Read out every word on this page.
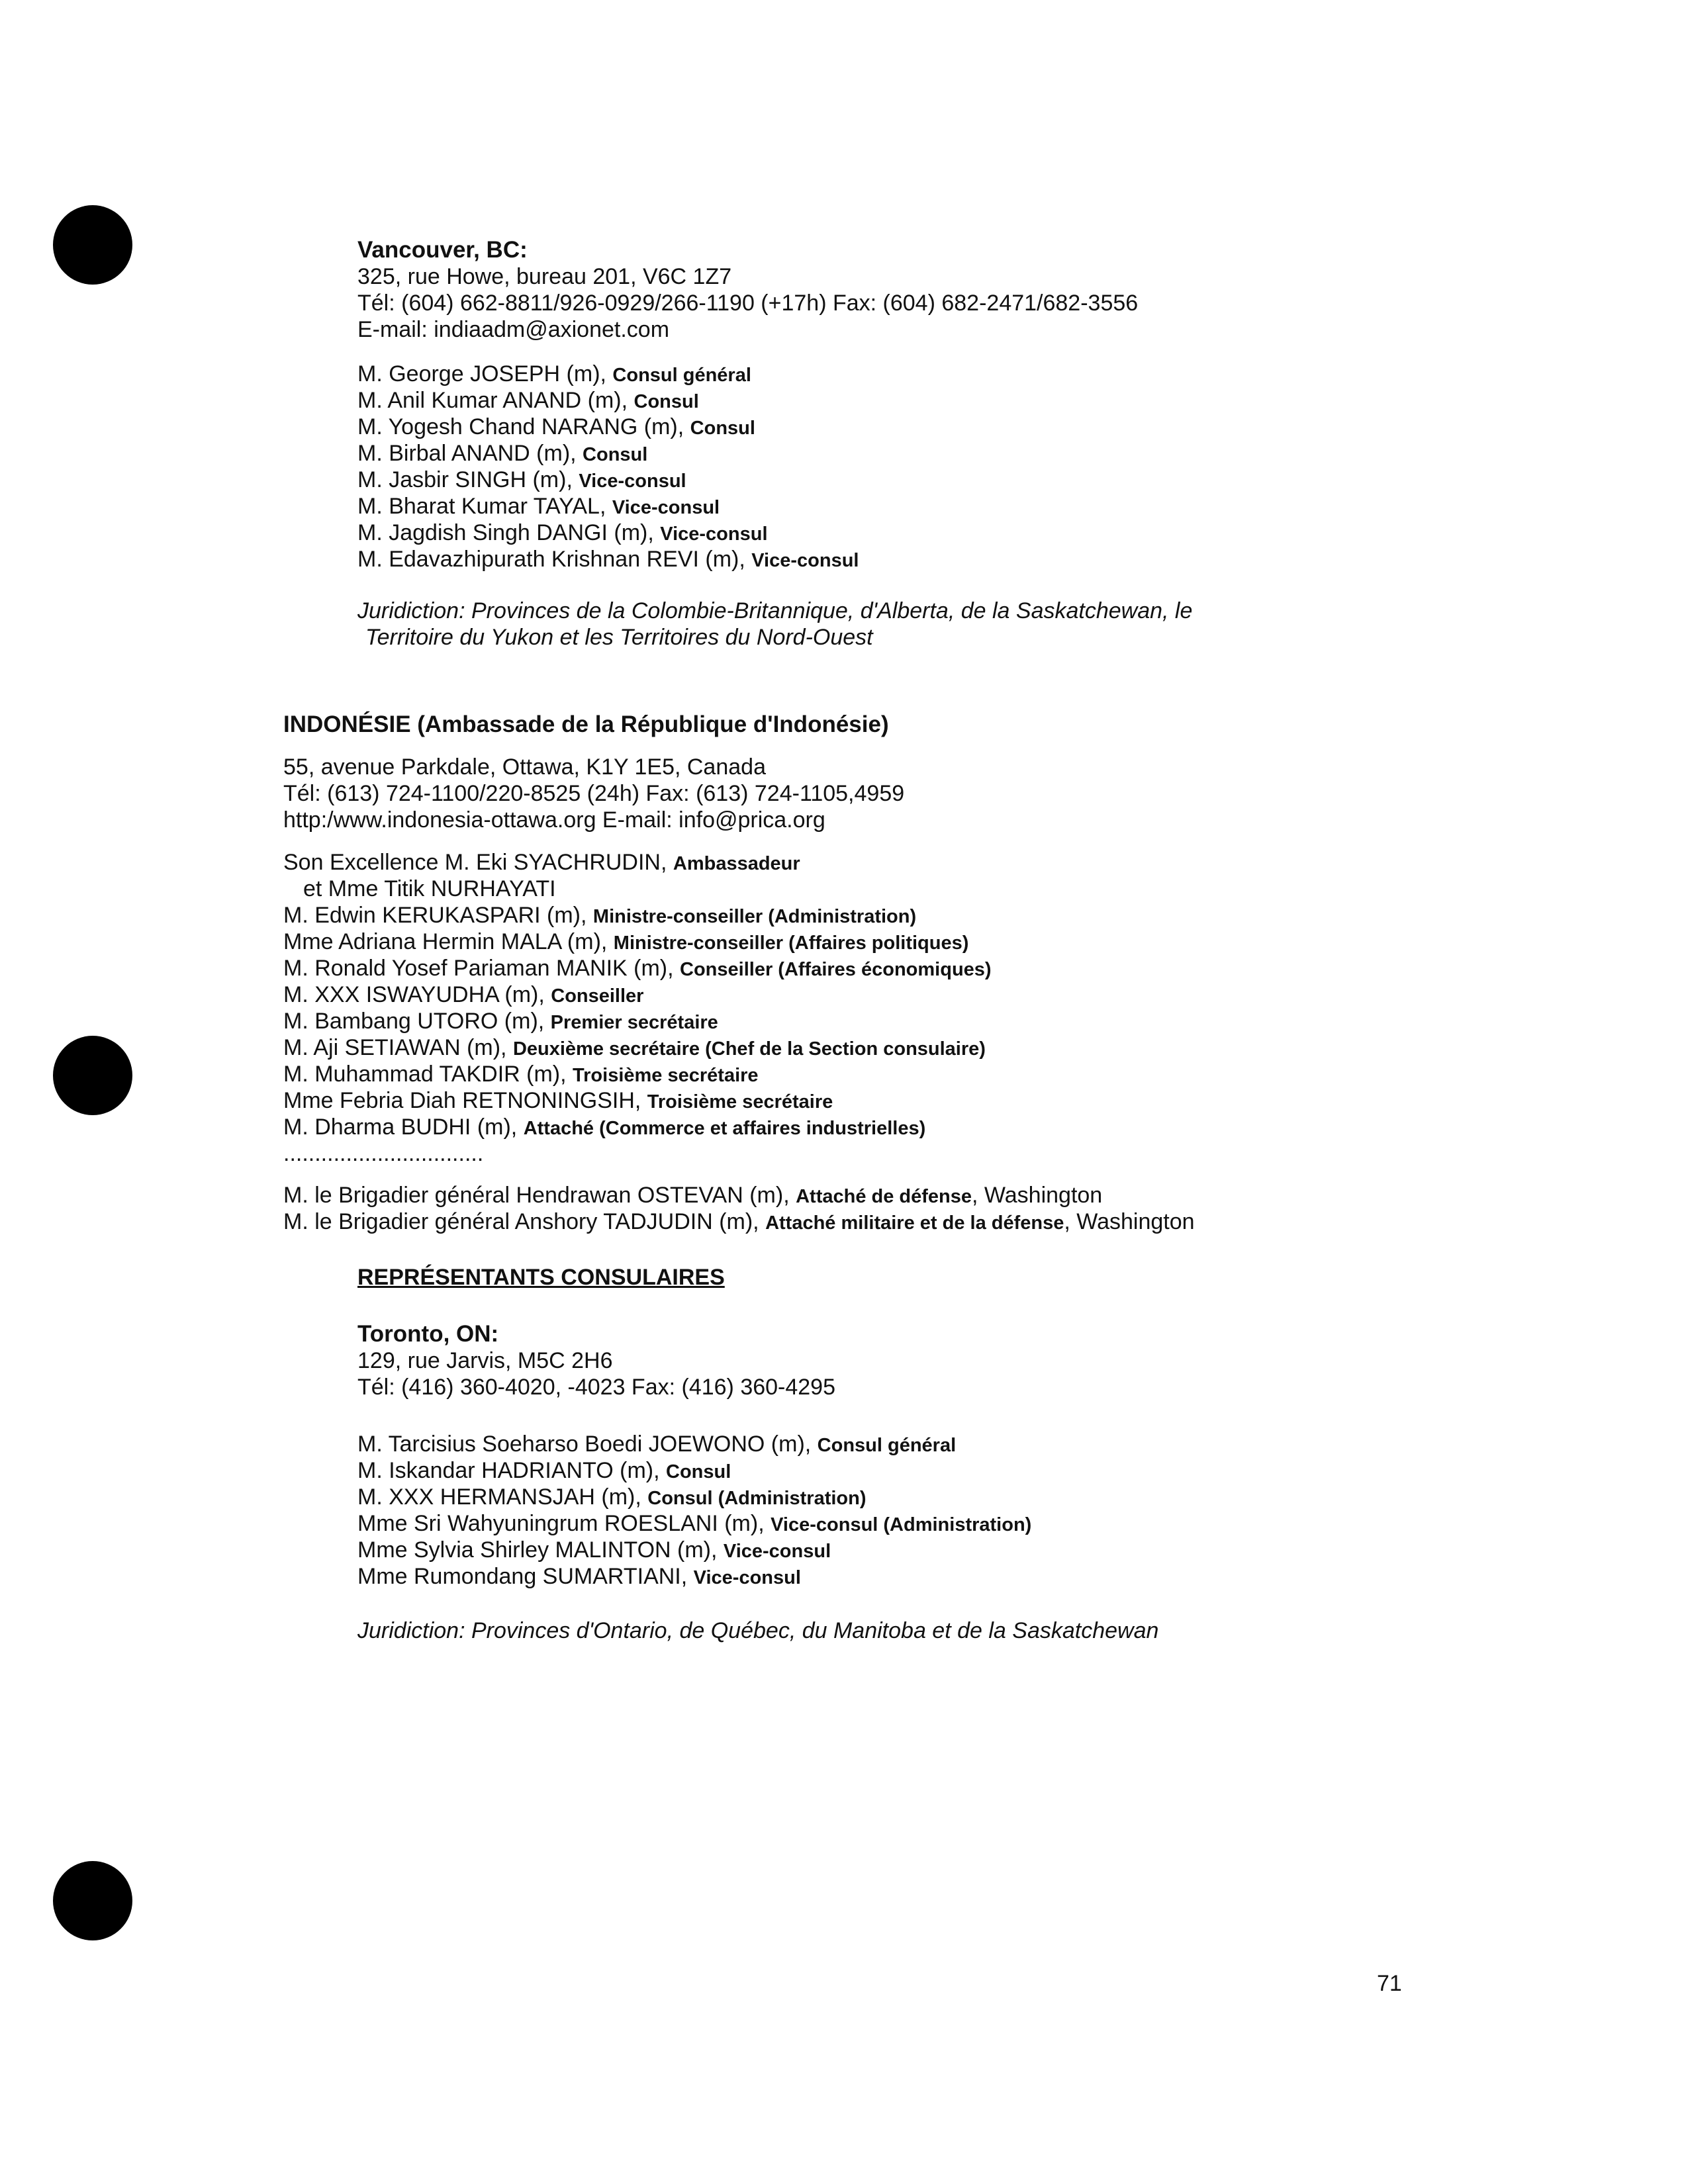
Vancouver, BC:
325, rue Howe, bureau 201, V6C 1Z7
Tél: (604) 662-8811/926-0929/266-1190 (+17h) Fax: (604) 682-2471/682-3556
E-mail: indiaadm@axionet.com
M. George JOSEPH (m), Consul général
M. Anil Kumar ANAND (m), Consul
M. Yogesh Chand NARANG (m), Consul
M. Birbal ANAND (m), Consul
M. Jasbir SINGH (m), Vice-consul
M. Bharat Kumar TAYAL, Vice-consul
M. Jagdish Singh DANGI (m), Vice-consul
M. Edavazhipurath Krishnan REVI (m), Vice-consul
Juridiction: Provinces de la Colombie-Britannique, d'Alberta, de la Saskatchewan, le
Territoire du Yukon et les Territoires du Nord-Ouest
INDONÉSIE (Ambassade de la République d'Indonésie)
55, avenue Parkdale, Ottawa, K1Y 1E5, Canada
Tél: (613) 724-1100/220-8525 (24h) Fax: (613) 724-1105,4959
http:/www.indonesia-ottawa.org E-mail: info@prica.org
Son Excellence M. Eki SYACHRUDIN, Ambassadeur
et Mme Titik NURHAYATI
M. Edwin KERUKASPARI (m), Ministre-conseiller (Administration)
Mme Adriana Hermin MALA (m), Ministre-conseiller (Affaires politiques)
M. Ronald Yosef Pariaman MANIK (m), Conseiller (Affaires économiques)
M. XXX ISWAYUDHA (m), Conseiller
M. Bambang UTORO (m), Premier secrétaire
M. Aji SETIAWAN (m), Deuxième secrétaire (Chef de la Section consulaire)
M. Muhammad TAKDIR (m), Troisième secrétaire
Mme Febria Diah RETNONINGSIH, Troisième secrétaire
M. Dharma BUDHI (m), Attaché (Commerce et affaires industrielles)
................................
M. le Brigadier général Hendrawan OSTEVAN (m), Attaché de défense, Washington
M. le Brigadier général Anshory TADJUDIN (m), Attaché militaire et de la défense, Washington
REPRÉSENTANTS CONSULAIRES
Toronto, ON:
129, rue Jarvis, M5C 2H6
Tél: (416) 360-4020, -4023 Fax: (416) 360-4295
M. Tarcisius Soeharso Boedi JOEWONO (m), Consul général
M. Iskandar HADRIANTO (m), Consul
M. XXX HERMANSJAH (m), Consul (Administration)
Mme Sri Wahyuningrum ROESLANI (m), Vice-consul (Administration)
Mme Sylvia Shirley MALINTON (m), Vice-consul
Mme Rumondang SUMARTIANI, Vice-consul
Juridiction: Provinces d'Ontario, de Québec, du Manitoba et de la Saskatchewan
71
